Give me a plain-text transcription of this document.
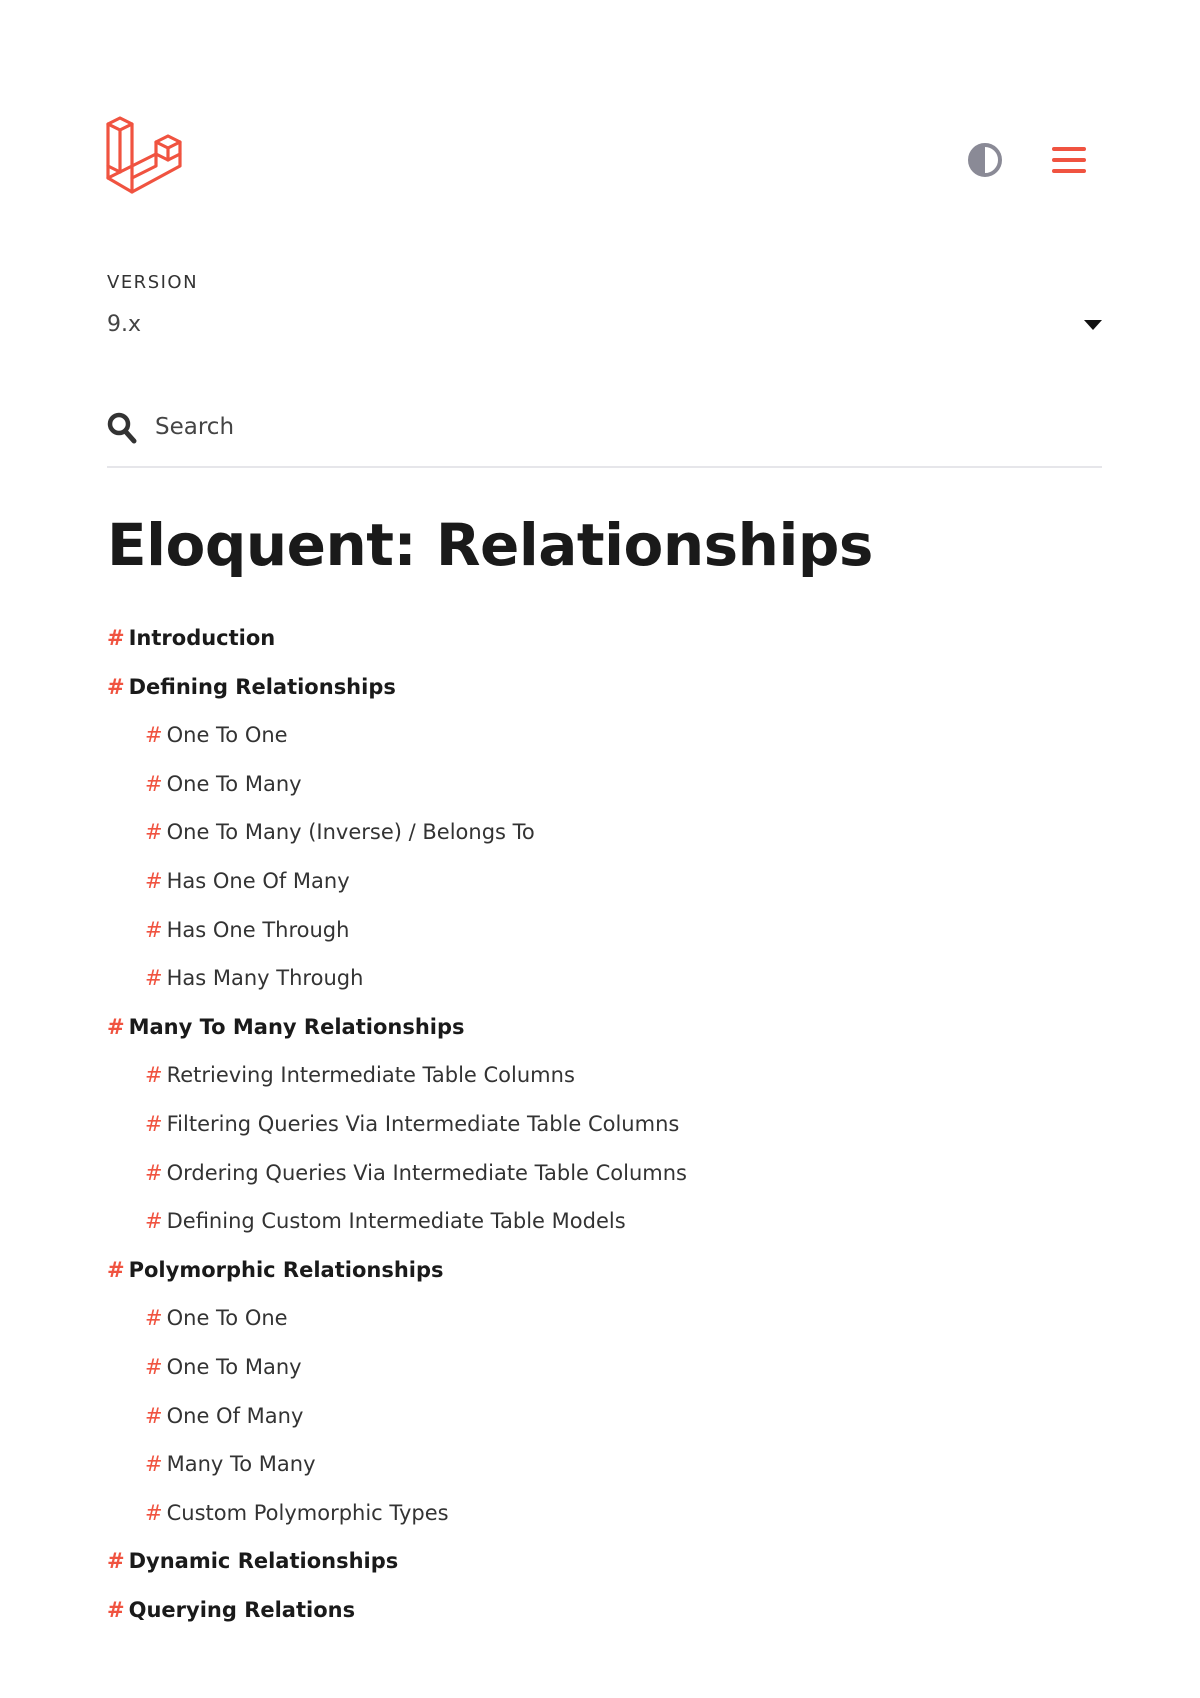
VERSION
9.x
Search
Eloquent: Relationships
# Introduction
# Defining Relationships
# One To One
# One To Many
# One To Many (Inverse) / Belongs To
# Has One Of Many
# Has One Through
# Has Many Through
# Many To Many Relationships
# Retrieving Intermediate Table Columns
# Filtering Queries Via Intermediate Table Columns
# Ordering Queries Via Intermediate Table Columns
# Defining Custom Intermediate Table Models
# Polymorphic Relationships
# One To One
# One To Many
# One Of Many
# Many To Many
# Custom Polymorphic Types
# Dynamic Relationships
# Querying Relations
